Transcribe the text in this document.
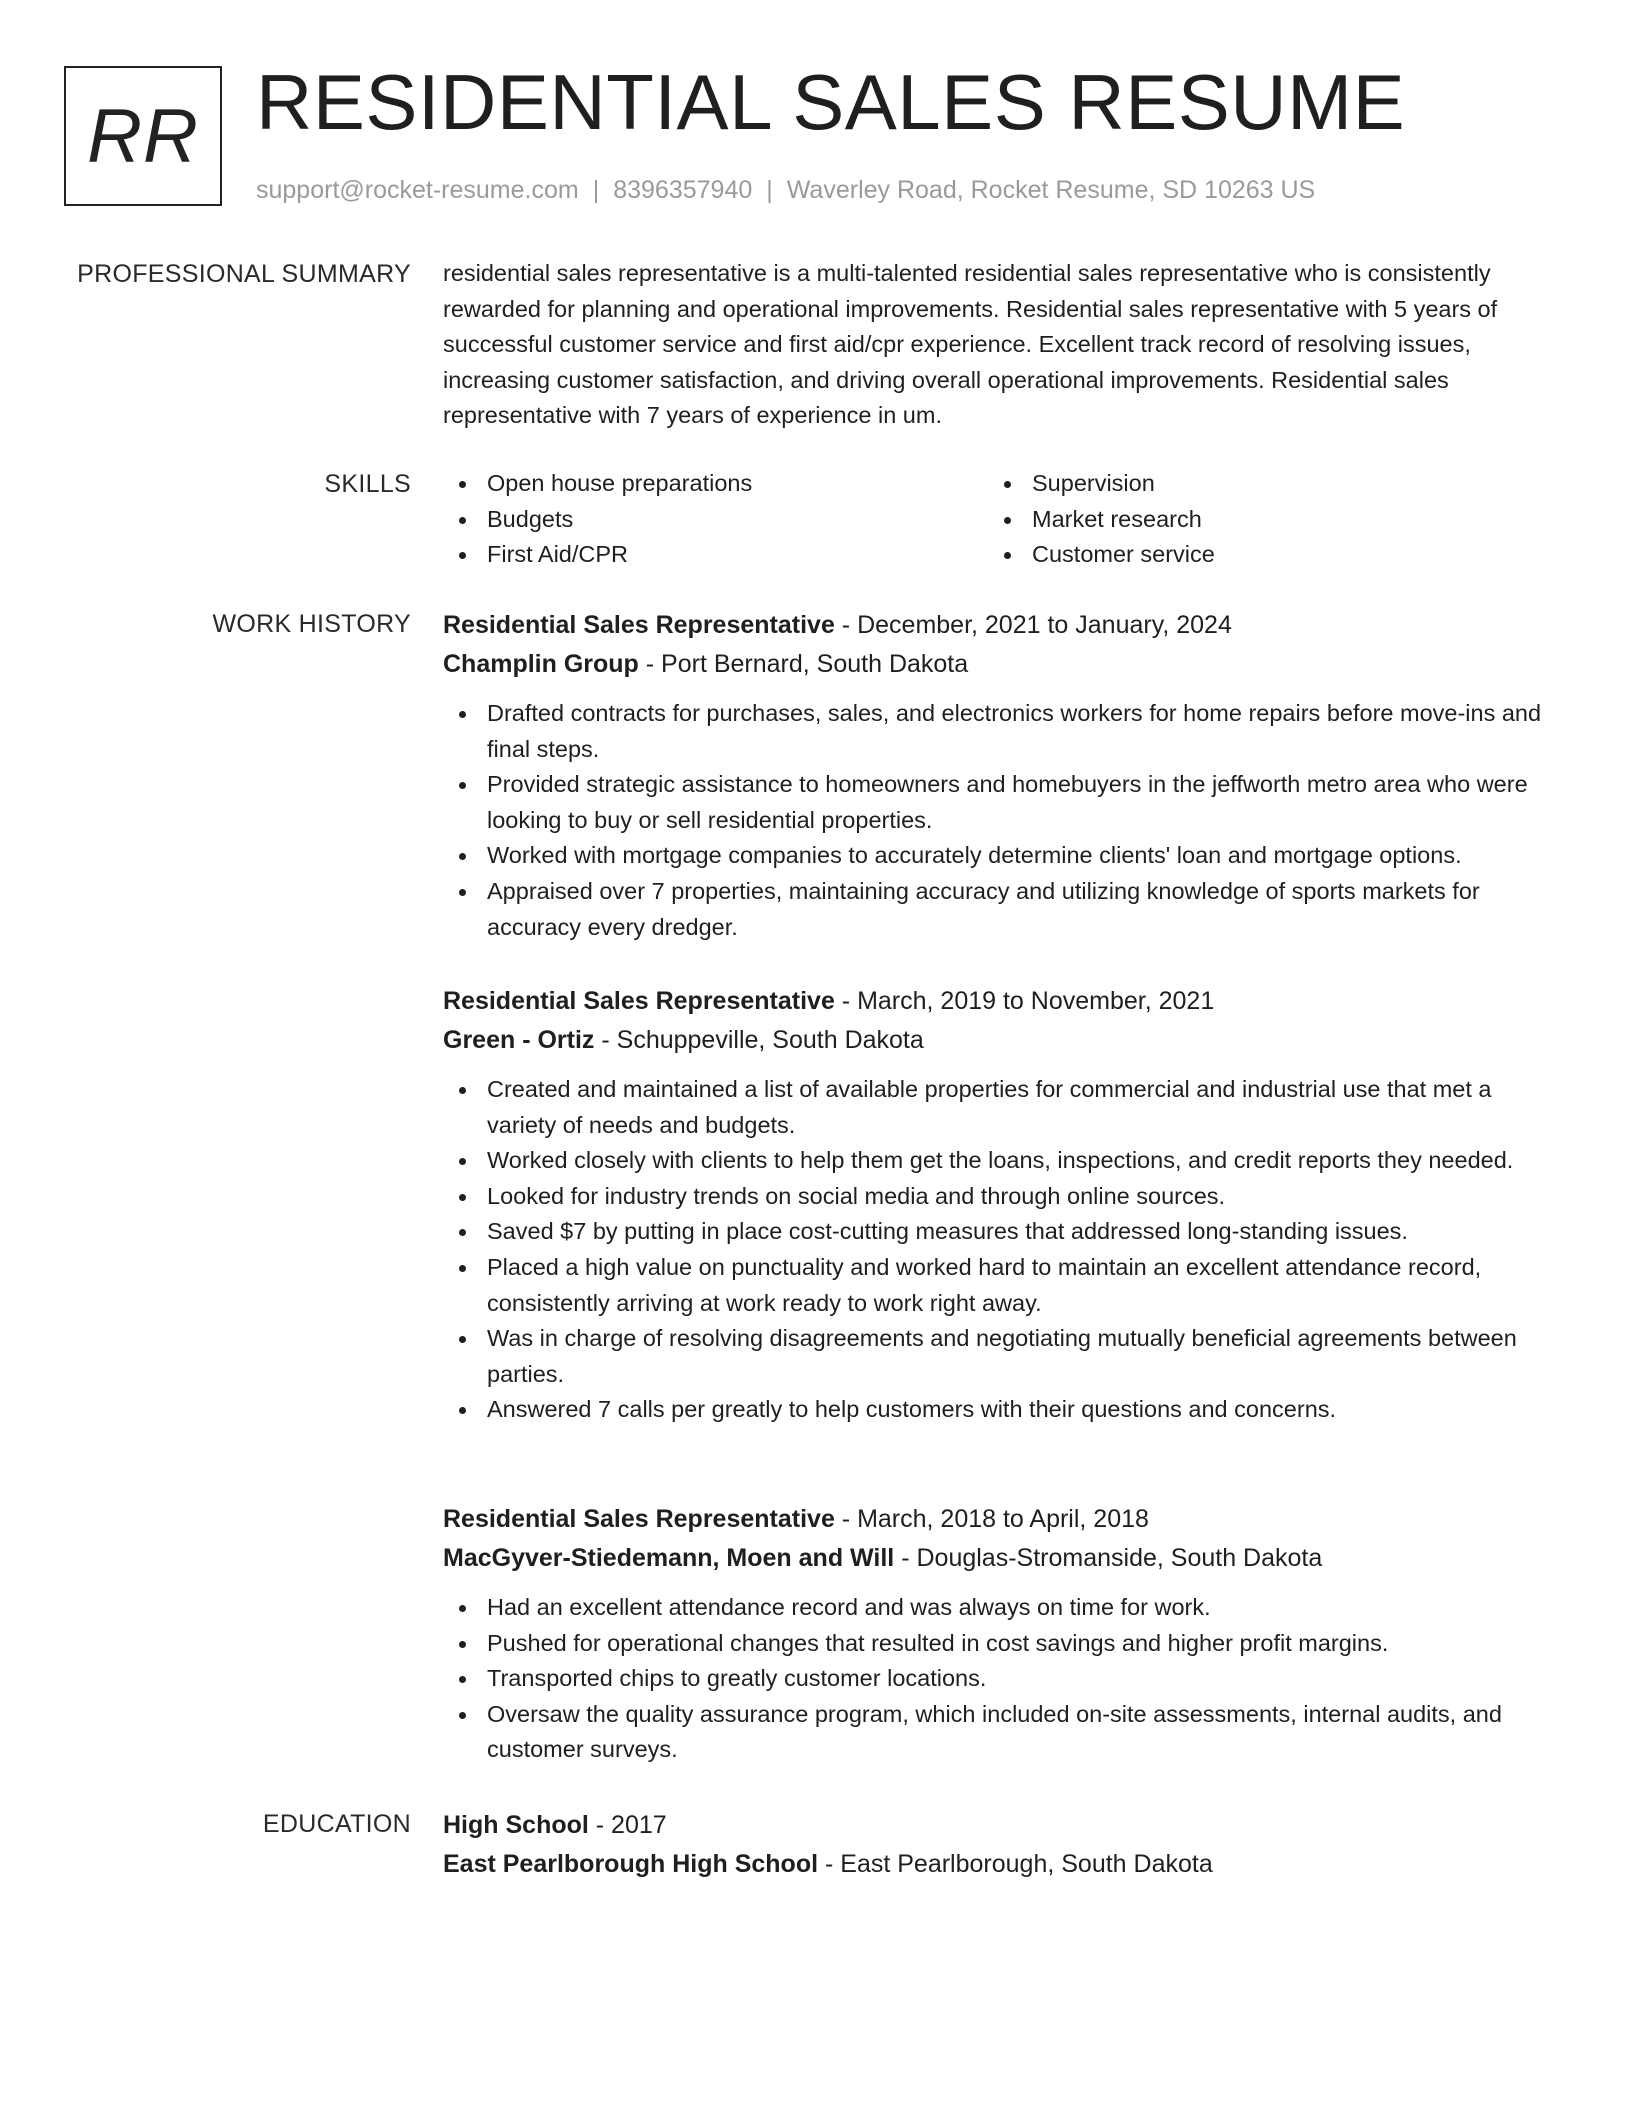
RR RESIDENTIAL SALES RESUME
support@rocket-resume.com | 8396357940 | Waverley Road, Rocket Resume, SD 10263 US
PROFESSIONAL SUMMARY residential sales representative is a multi-talented residential sales representative who is consistently rewarded for planning and operational improvements. Residential sales representative with 5 years of successful customer service and first aid/cpr experience. Excellent track record of resolving issues, increasing customer satisfaction, and driving overall operational improvements. Residential sales representative with 7 years of experience in um.

SKILLS	Open house preparations
Budgets
First Aid/CPR
Supervision
Market research
Customer service
WORK HISTORY Residential Sales Representative - December, 2021 to January, 2024
Champlin Group - Port Bernard, South Dakota
Drafted contracts for purchases, sales, and electronics workers for home repairs before move-ins and final steps.
Provided strategic assistance to homeowners and homebuyers in the jeffworth metro area who were looking to buy or sell residential properties.
Worked with mortgage companies to accurately determine clients' loan and mortgage options.
Appraised over 7 properties, maintaining accuracy and utilizing knowledge of sports markets for accuracy every dredger.
Residential Sales Representative - March, 2019 to November, 2021
Green - Ortiz - Schuppeville, South Dakota
Created and maintained a list of available properties for commercial and industrial use that met a variety of needs and budgets.
Worked closely with clients to help them get the loans, inspections, and credit reports they needed.
Looked for industry trends on social media and through online sources.
Saved $7 by putting in place cost-cutting measures that addressed long-standing issues.
Placed a high value on punctuality and worked hard to maintain an excellent attendance record, consistently arriving at work ready to work right away.
Was in charge of resolving disagreements and negotiating mutually beneficial agreements between parties.
Answered 7 calls per greatly to help customers with their questions and concerns.
Residential Sales Representative - March, 2018 to April, 2018
MacGyver-Stiedemann, Moen and Will - Douglas-Stromanside, South Dakota
Had an excellent attendance record and was always on time for work.
Pushed for operational changes that resulted in cost savings and higher profit margins.
Transported chips to greatly customer locations.
Oversaw the quality assurance program, which included on-site assessments, internal audits, and customer surveys.
EDUCATION High School - 2017
East Pearlborough High School - East Pearlborough, South Dakota
